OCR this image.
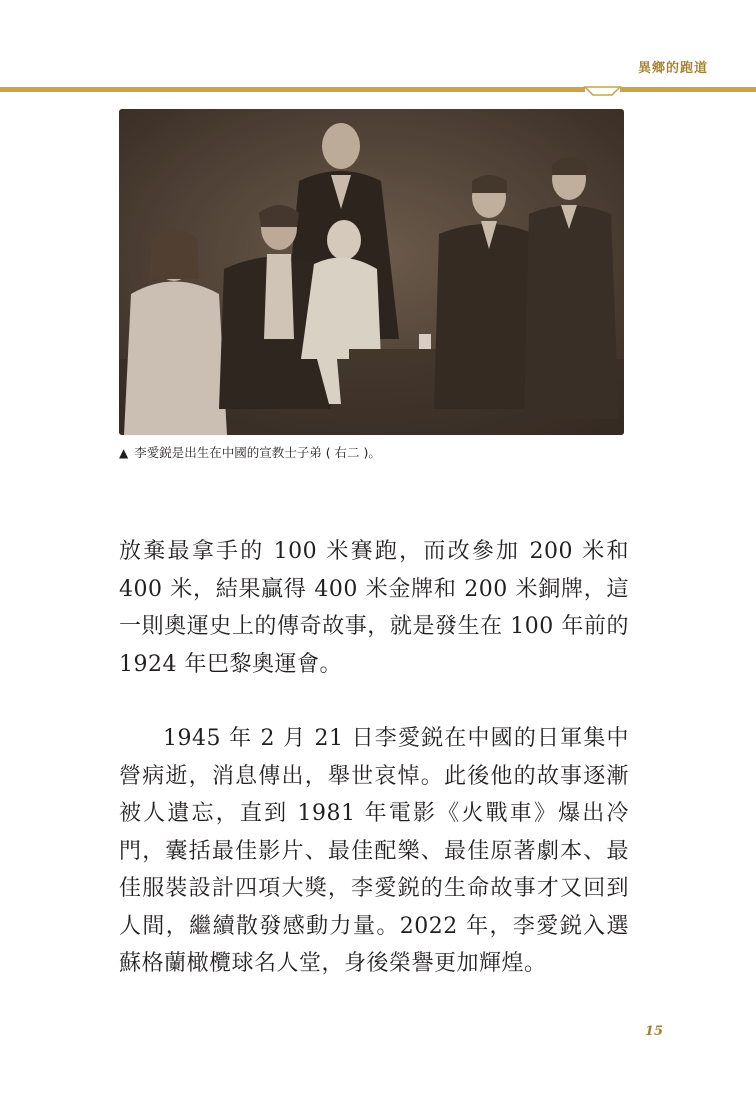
異鄉的跑道
▲ 李愛鋭是出生在中國的宣教士子弟 ( 右二 )。

放棄最拿手的 100 米賽跑，而改參加 200 米和 400 米，結果贏得 400 米金牌和 200 米銅牌，這一則奧運史上的傳奇故事，就是發生在 100 年前的 1924 年巴黎奧運會。

1945 年 2 月 21 日李愛鋭在中國的日軍集中營病逝，消息傳出，舉世哀悼。此後他的故事逐漸被人遺忘，直到 1981 年電影《火戰車》爆出冷門，囊括最佳影片、最佳配樂、最佳原著劇本、最佳服裝設計四項大獎，李愛鋭的生命故事才又回到人間，繼續散發感動力量。2022 年，李愛鋭入選蘇格蘭橄欖球名人堂，身後榮譽更加輝煌。

15
